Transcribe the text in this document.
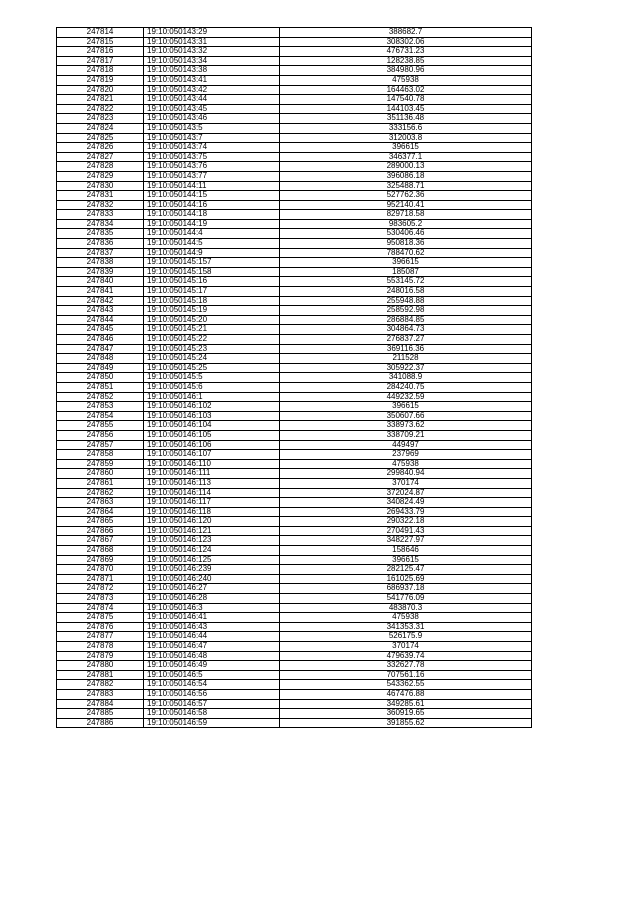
247814	19:10:050143:29	388682.7
247815	19:10:050143:31	308302.06
247816	19:10:050143:32	476731.23
247817	19:10:050143:34	128238.85
247818	19:10:050143:38	384980.96
247819	19:10:050143:41	475938
247820	19:10:050143:42	164463.02
247821	19:10:050143:44	147540.78
247822	19:10:050143:45	144103.45
247823	19:10:050143:46	351136.48
247824	19:10:050143:5	333156.6
247825	19:10:050143:7	312003.8
247826	19:10:050143:74	396615
247827	19:10:050143:75	346377.1
247828	19:10:050143:76	289000.13
247829	19:10:050143:77	396086.18
247830	19:10:050144:11	325488.71
247831	19:10:050144:15	527762.36
247832	19:10:050144:16	952140.41
247833	19:10:050144:18	829718.58
247834	19:10:050144:19	983605.2
247835	19:10:050144:4	530406.46
247836	19:10:050144:5	950818.36
247837	19:10:050144:9	788470.62
247838	19:10:050145:157	396615
247839	19:10:050145:158	185087
247840	19:10:050145:16	553145.72
247841	19:10:050145:17	248016.58
247842	19:10:050145:18	255948.88
247843	19:10:050145:19	258592.98
247844	19:10:050145:20	286884.85
247845	19:10:050145:21	304864.73
247846	19:10:050145:22	276837.27
247847	19:10:050145:23	369116.36
247848	19:10:050145:24	211528
247849	19:10:050145:25	305922.37
247850	19:10:050145:5	341088.9
247851	19:10:050145:6	284240.75
247852	19:10:050146:1	449232.59
247853	19:10:050146:102	396615
247854	19:10:050146:103	350607.66
247855	19:10:050146:104	338973.62
247856	19:10:050146:105	338709.21
247857	19:10:050146:106	449497
247858	19:10:050146:107	237969
247859	19:10:050146:110	475938
247860	19:10:050146:111	299840.94
247861	19:10:050146:113	370174
247862	19:10:050146:114	372024.87
247863	19:10:050146:117	340824.49
247864	19:10:050146:118	269433.79
247865	19:10:050146:120	290322.18
247866	19:10:050146:121	270491.43
247867	19:10:050146:123	348227.97
247868	19:10:050146:124	158646
247869	19:10:050146:125	396615
247870	19:10:050146:239	282125.47
247871	19:10:050146:240	161025.69
247872	19:10:050146:27	686937.18
247873	19:10:050146:28	541776.09
247874	19:10:050146:3	483870.3
247875	19:10:050146:41	475938
247876	19:10:050146:43	341353.31
247877	19:10:050146:44	526175.9
247878	19:10:050146:47	370174
247879	19:10:050146:48	479639.74
247880	19:10:050146:49	332627.78
247881	19:10:050146:5	707561.16
247882	19:10:050146:54	543362.55
247883	19:10:050146:56	467476.88
247884	19:10:050146:57	349285.61
247885	19:10:050146:58	360919.65
247886	19:10:050146:59	391855.62
